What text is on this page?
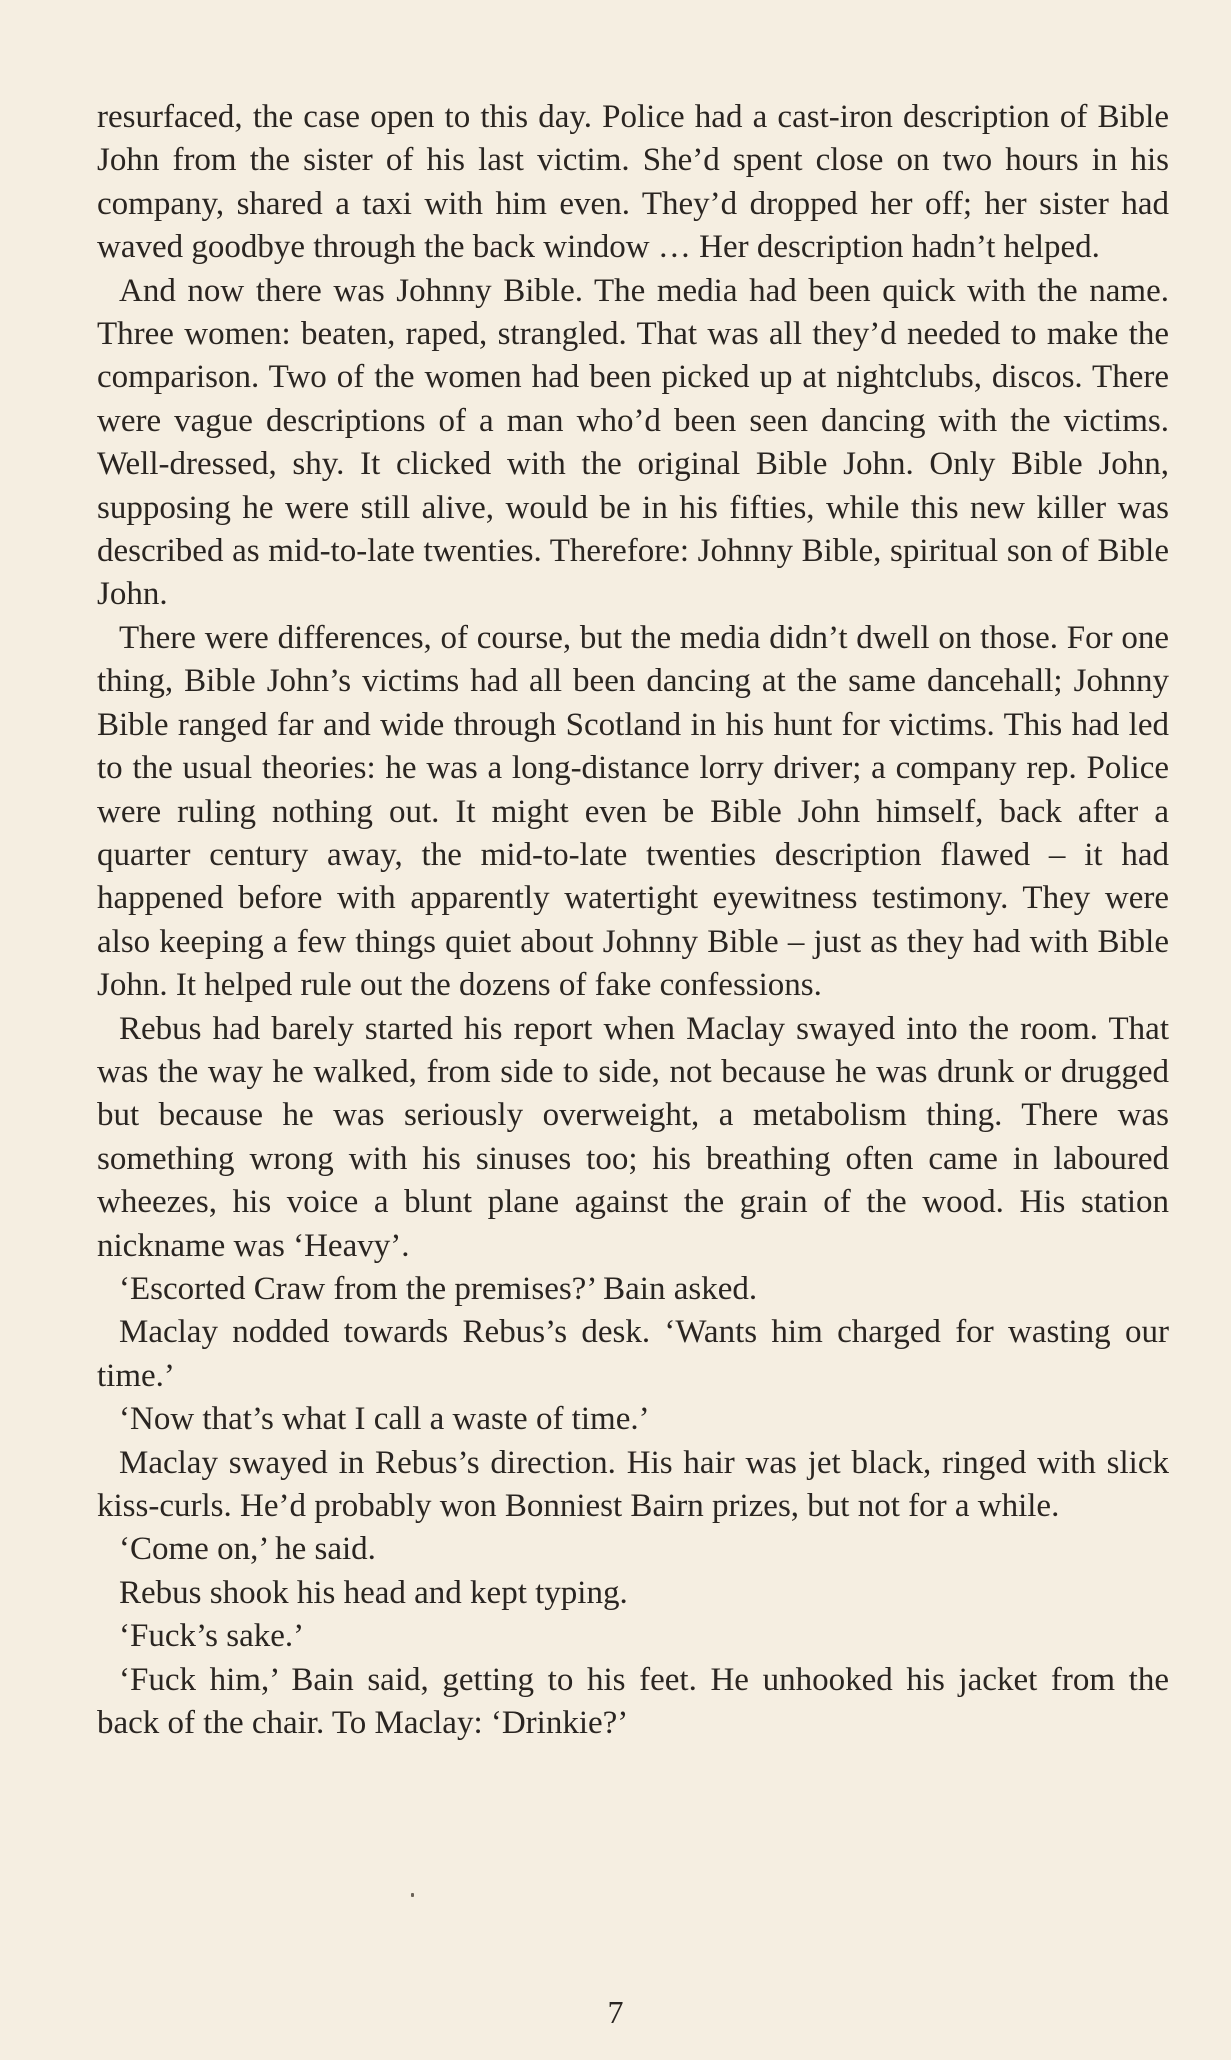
resurfaced, the case open to this day. Police had a cast-iron description of Bible John from the sister of his last victim. She’d spent close on two hours in his company, shared a taxi with him even. They’d dropped her off; her sister had waved goodbye through the back window … Her description hadn’t helped.

And now there was Johnny Bible. The media had been quick with the name. Three women: beaten, raped, strangled. That was all they’d needed to make the comparison. Two of the women had been picked up at nightclubs, discos. There were vague descriptions of a man who’d been seen dancing with the victims. Well-dressed, shy. It clicked with the original Bible John. Only Bible John, supposing he were still alive, would be in his fifties, while this new killer was described as mid-to-late twenties. Therefore: Johnny Bible, spiritual son of Bible John.

There were differences, of course, but the media didn’t dwell on those. For one thing, Bible John’s victims had all been dancing at the same dancehall; Johnny Bible ranged far and wide through Scotland in his hunt for victims. This had led to the usual theories: he was a long-distance lorry driver; a company rep. Police were ruling nothing out. It might even be Bible John himself, back after a quarter century away, the mid-to-late twenties description flawed – it had happened before with apparently watertight eyewitness testimony. They were also keeping a few things quiet about Johnny Bible – just as they had with Bible John. It helped rule out the dozens of fake confessions.

Rebus had barely started his report when Maclay swayed into the room. That was the way he walked, from side to side, not because he was drunk or drugged but because he was seriously overweight, a metabolism thing. There was something wrong with his sinuses too; his breathing often came in laboured wheezes, his voice a blunt plane against the grain of the wood. His station nickname was ‘Heavy’.

‘Escorted Craw from the premises?’ Bain asked.

Maclay nodded towards Rebus’s desk. ‘Wants him charged for wasting our time.’

‘Now that’s what I call a waste of time.’

Maclay swayed in Rebus’s direction. His hair was jet black, ringed with slick kiss-curls. He’d probably won Bonniest Bairn prizes, but not for a while.

‘Come on,’ he said.

Rebus shook his head and kept typing.

‘Fuck’s sake.’

‘Fuck him,’ Bain said, getting to his feet. He unhooked his jacket from the back of the chair. To Maclay: ‘Drinkie?’

7
